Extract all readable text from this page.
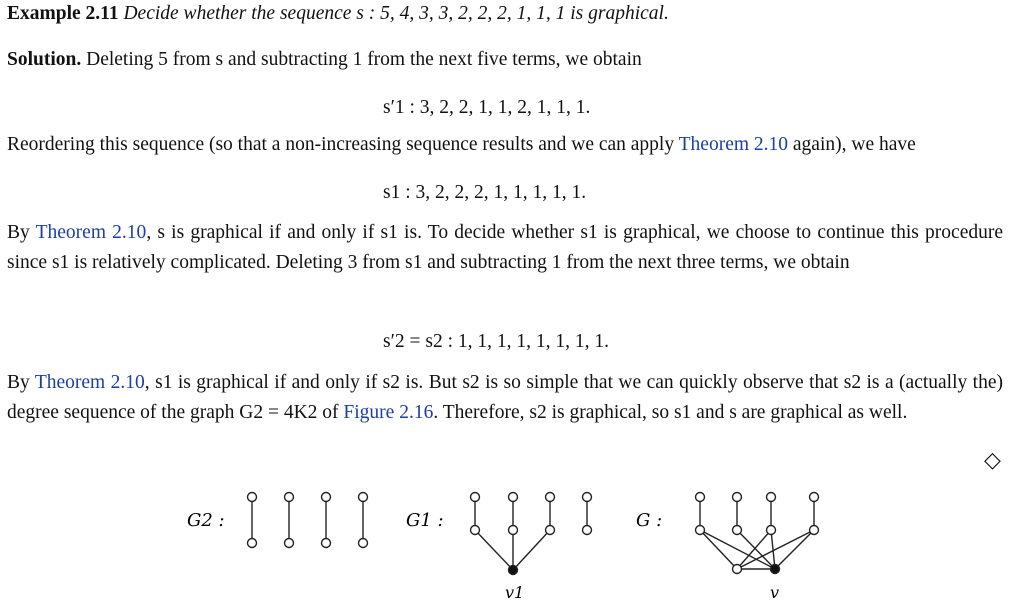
Example 2.11 Decide whether the sequence s : 5, 4, 3, 3, 2, 2, 2, 1, 1, 1 is graphical.
Solution. Deleting 5 from s and subtracting 1 from the next five terms, we obtain
s′1 : 3, 2, 2, 1, 1, 2, 1, 1, 1.
Reordering this sequence (so that a non-increasing sequence results and we can apply Theorem 2.10 again), we have
s1 : 3, 2, 2, 2, 1, 1, 1, 1, 1.
By Theorem 2.10, s is graphical if and only if s1 is. To decide whether s1 is graphical, we choose to continue this procedure since s1 is relatively complicated. Deleting 3 from s1 and subtracting 1 from the next three terms, we obtain
s′2 = s2 : 1, 1, 1, 1, 1, 1, 1, 1.
By Theorem 2.10, s1 is graphical if and only if s2 is. But s2 is so simple that we can quickly observe that s2 is a (actually the) degree sequence of the graph G2 = 4K2 of Figure 2.16. Therefore, s2 is graphical, so s1 and s are graphical as well.
◇
G2 :	G1 :
v1
G :
v
